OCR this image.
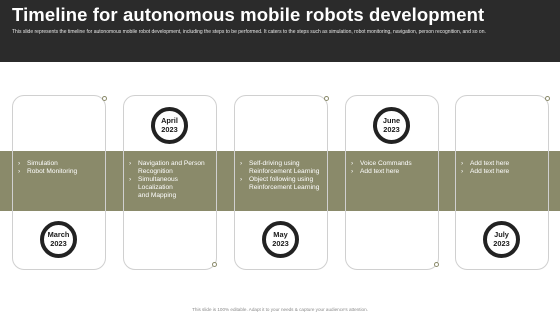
Timeline for autonomous mobile robots development
This slide represents the timeline for autonomous mobile robot development, including the steps to be performed. It caters to the steps such as simulation, robot monitoring, navigation, person recognition, and so on.
March
2023
› Simulation
› Robot Monitoring
April
2023
› Navigation and Person
Recognition
› Simultaneous
Localization
and Mapping
May
2023
› Self-driving using
Reinforcement Learning
› Object following using
Reinforcement Learning
June
2023
› Voice Commands
› Add text here
July
2023
› Add text here
› Add text here
This slide is 100% editable. Adapt it to your needs & capture your audience's attention.
